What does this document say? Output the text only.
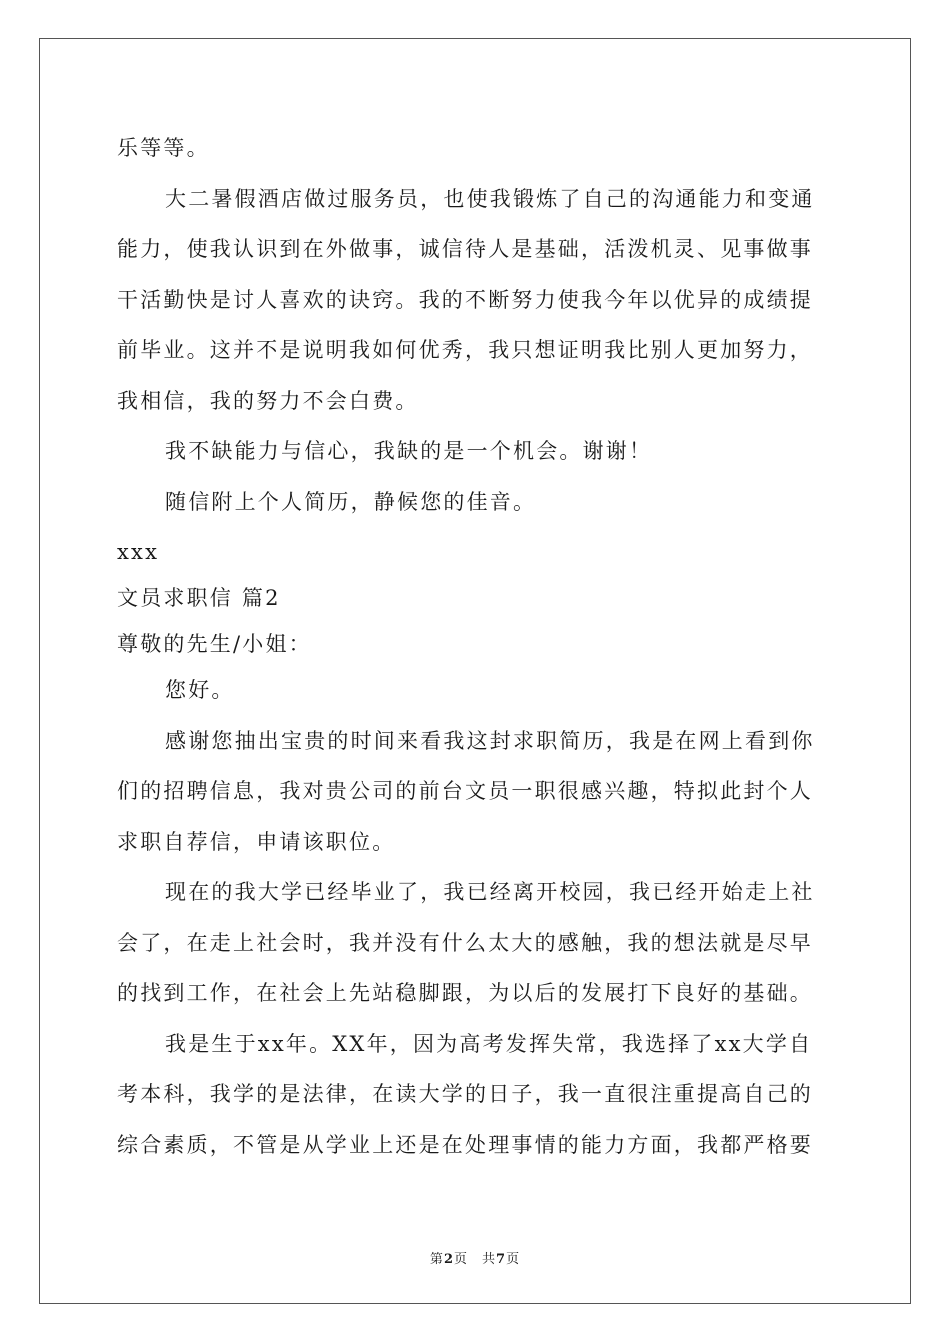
乐等等。
大二暑假酒店做过服务员，也使我锻炼了自己的沟通能力和变通
能力，使我认识到在外做事，诚信待人是基础，活泼机灵、见事做事
干活勤快是讨人喜欢的诀窍。我的不断努力使我今年以优异的成绩提
前毕业。这并不是说明我如何优秀，我只想证明我比别人更加努力，
我相信，我的努力不会白费。
我不缺能力与信心，我缺的是一个机会。谢谢！
随信附上个人简历，静候您的佳音。
xxx
文员求职信 篇2
尊敬的先生/小姐：
您好。
感谢您抽出宝贵的时间来看我这封求职简历，我是在网上看到你
们的招聘信息，我对贵公司的前台文员一职很感兴趣，特拟此封个人
求职自荐信，申请该职位。
现在的我大学已经毕业了，我已经离开校园，我已经开始走上社
会了，在走上社会时，我并没有什么太大的感触，我的想法就是尽早
的找到工作，在社会上先站稳脚跟，为以后的发展打下良好的基础。
我是生于xx年。XX年，因为高考发挥失常，我选择了xx大学自
考本科，我学的是法律，在读大学的日子，我一直很注重提高自己的
综合素质，不管是从学业上还是在处理事情的能力方面，我都严格要
第2页 共7页
